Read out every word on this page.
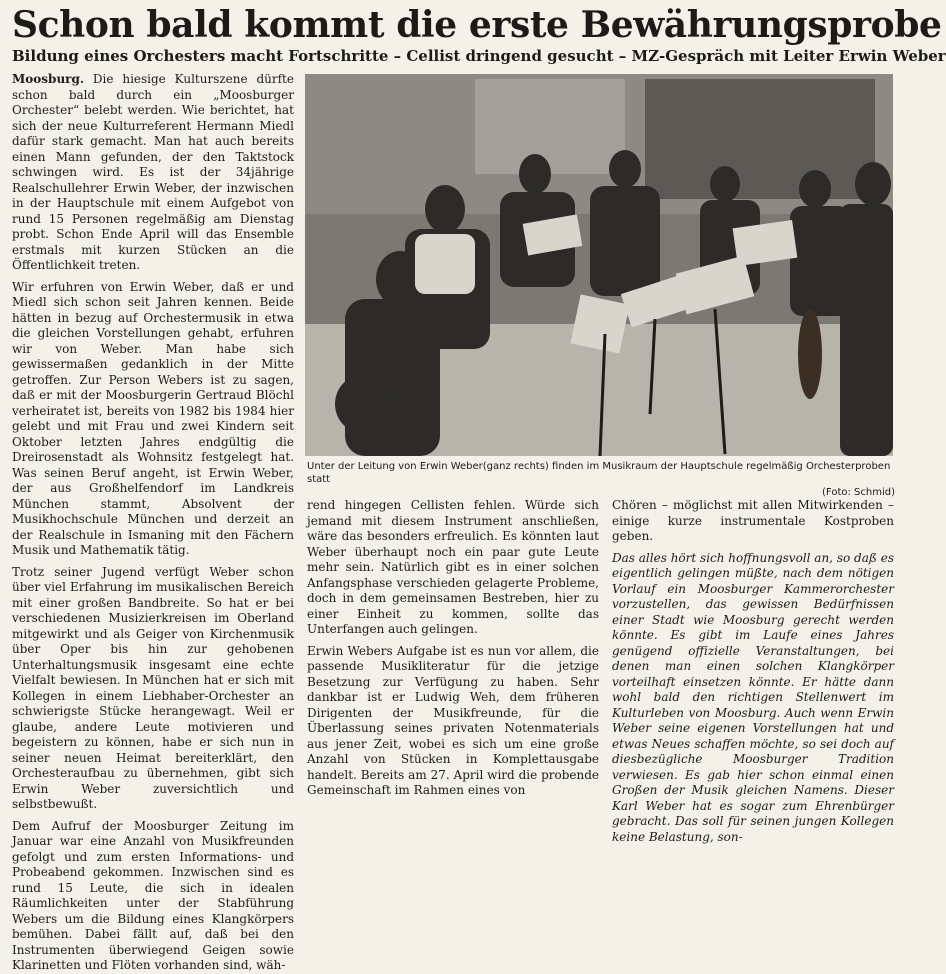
Schon bald kommt die erste Bewährungsprobe
Bildung eines Orchesters macht Fortschritte – Cellist dringend gesucht – MZ-Gespräch mit Leiter Erwin Weber

Moosburg. Die hiesige Kulturszene dürfte schon bald durch ein „Moosburger Orchester“ belebt werden. Wie berichtet, hat sich der neue Kulturreferent Hermann Miedl dafür stark gemacht. Man hat auch bereits einen Mann gefunden, der den Taktstock schwingen wird. Es ist der 34jährige Realschullehrer Erwin Weber, der inzwischen in der Hauptschule mit einem Aufgebot von rund 15 Personen regelmäßig am Dienstag probt. Schon Ende April will das Ensemble erstmals mit kurzen Stücken an die Öffentlichkeit treten.

Wir erfuhren von Erwin Weber, daß er und Miedl sich schon seit Jahren kennen. Beide hätten in bezug auf Orchestermusik in etwa die gleichen Vorstellungen gehabt, erfuhren wir von Weber. Man habe sich gewissermaßen gedanklich in der Mitte getroffen. Zur Person Webers ist zu sagen, daß er mit der Moosburgerin Gertraud Blöchl verheiratet ist, bereits von 1982 bis 1984 hier gelebt und mit Frau und zwei Kindern seit Oktober letzten Jahres endgültig die Dreirosenstadt als Wohnsitz festgelegt hat. Was seinen Beruf angeht, ist Erwin Weber, der aus Großhelfendorf im Landkreis München stammt, Absolvent der Musikhochschule München und derzeit an der Realschule in Ismaning mit den Fächern Musik und Mathematik tätig.

Trotz seiner Jugend verfügt Weber schon über viel Erfahrung im musikalischen Bereich mit einer großen Bandbreite. So hat er bei verschiedenen Musizierkreisen im Oberland mitgewirkt und als Geiger von Kirchenmusik über Oper bis hin zur gehobenen Unterhaltungsmusik insgesamt eine echte Vielfalt bewiesen. In München hat er sich mit Kollegen in einem Liebhaber-Orchester an schwierigste Stücke herangewagt. Weil er glaube, andere Leute motivieren und begeistern zu können, habe er sich nun in seiner neuen Heimat bereiterklärt, den Orchesteraufbau zu übernehmen, gibt sich Erwin Weber zuversichtlich und selbstbewußt.

Dem Aufruf der Moosburger Zeitung im Januar war eine Anzahl von Musikfreunden gefolgt und zum ersten Informations- und Probeabend gekommen. Inzwischen sind es rund 15 Leute, die sich in idealen Räumlichkeiten unter der Stabführung Webers um die Bildung eines Klangkörpers bemühen. Dabei fällt auf, daß bei den Instrumenten überwiegend Geigen sowie Klarinetten und Flöten vorhanden sind, wäh-

Unter der Leitung von Erwin Weber(ganz rechts) finden im Musikraum der Hauptschule regelmäßig Orchesterproben statt
(Foto: Schmid)

rend hingegen Cellisten fehlen. Würde sich jemand mit diesem Instrument anschließen, wäre das besonders erfreulich. Es könnten laut Weber überhaupt noch ein paar gute Leute mehr sein. Natürlich gibt es in einer solchen Anfangsphase verschieden gelagerte Probleme, doch in dem gemeinsamen Bestreben, hier zu einer Einheit zu kommen, sollte das Unterfangen auch gelingen.

Erwin Webers Aufgabe ist es nun vor allem, die passende Musikliteratur für die jetzige Besetzung zur Verfügung zu haben. Sehr dankbar ist er Ludwig Weh, dem früheren Dirigenten der Musikfreunde, für die Überlassung seines privaten Notenmaterials aus jener Zeit, wobei es sich um eine große Anzahl von Stücken in Komplettausgabe handelt. Bereits am 27. April wird die probende Gemeinschaft im Rahmen eines von

Chören – möglichst mit allen Mitwirkenden – einige kurze instrumentale Kostproben geben.

Das alles hört sich hoffnungsvoll an, so daß es eigentlich gelingen müßte, nach dem nötigen Vorlauf ein Moosburger Kammerorchester vorzustellen, das gewissen Bedürfnissen einer Stadt wie Moosburg gerecht werden könnte. Es gibt im Laufe eines Jahres genügend offizielle Veranstaltungen, bei denen man einen solchen Klangkörper vorteilhaft einsetzen könnte. Er hätte dann wohl bald den richtigen Stellenwert im Kulturleben von Moosburg. Auch wenn Erwin Weber seine eigenen Vorstellungen hat und etwas Neues schaffen möchte, so sei doch auf diesbezügliche Moosburger Tradition verwiesen. Es gab hier schon einmal einen Großen der Musik gleichen Namens. Dieser Karl Weber hat es sogar zum Ehrenbürger gebracht. Das soll für seinen jungen Kollegen keine Belastung, son-
